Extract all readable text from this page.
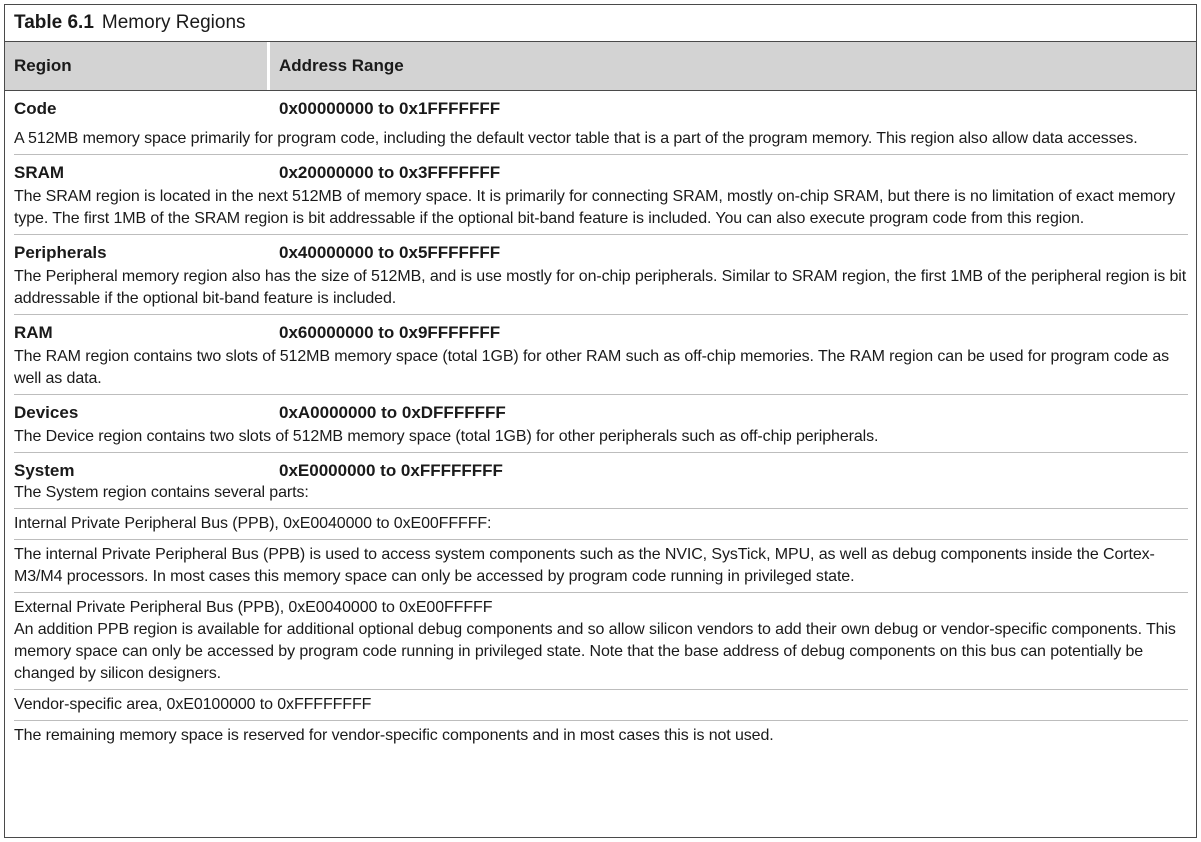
Table 6.1 Memory Regions
Region	Address Range
Code	0x00000000 to 0x1FFFFFFF
A 512MB memory space primarily for program code, including the default vector table that is a part of the program memory. This region also allow data accesses.
SRAM	0x20000000 to 0x3FFFFFFF
The SRAM region is located in the next 512MB of memory space. It is primarily for connecting SRAM, mostly on-chip SRAM, but there is no limitation of exact memory type. The first 1MB of the SRAM region is bit addressable if the optional bit-band feature is included. You can also execute program code from this region.
Peripherals	0x40000000 to 0x5FFFFFFF
The Peripheral memory region also has the size of 512MB, and is use mostly for on-chip peripherals. Similar to SRAM region, the first 1MB of the peripheral region is bit addressable if the optional bit-band feature is included.
RAM	0x60000000 to 0x9FFFFFFF
The RAM region contains two slots of 512MB memory space (total 1GB) for other RAM such as off-chip memories. The RAM region can be used for program code as well as data.
Devices	0xA0000000 to 0xDFFFFFFF
The Device region contains two slots of 512MB memory space (total 1GB) for other peripherals such as off-chip peripherals.
System	0xE0000000 to 0xFFFFFFFF
The System region contains several parts:
Internal Private Peripheral Bus (PPB), 0xE0040000 to 0xE00FFFFF:
The internal Private Peripheral Bus (PPB) is used to access system components such as the NVIC, SysTick, MPU, as well as debug components inside the Cortex-M3/M4 processors. In most cases this memory space can only be accessed by program code running in privileged state.
External Private Peripheral Bus (PPB), 0xE0040000 to 0xE00FFFFF
An addition PPB region is available for additional optional debug components and so allow silicon vendors to add their own debug or vendor-specific components. This memory space can only be accessed by program code running in privileged state. Note that the base address of debug components on this bus can potentially be changed by silicon designers.
Vendor-specific area, 0xE0100000 to 0xFFFFFFFF
The remaining memory space is reserved for vendor-specific components and in most cases this is not used.
